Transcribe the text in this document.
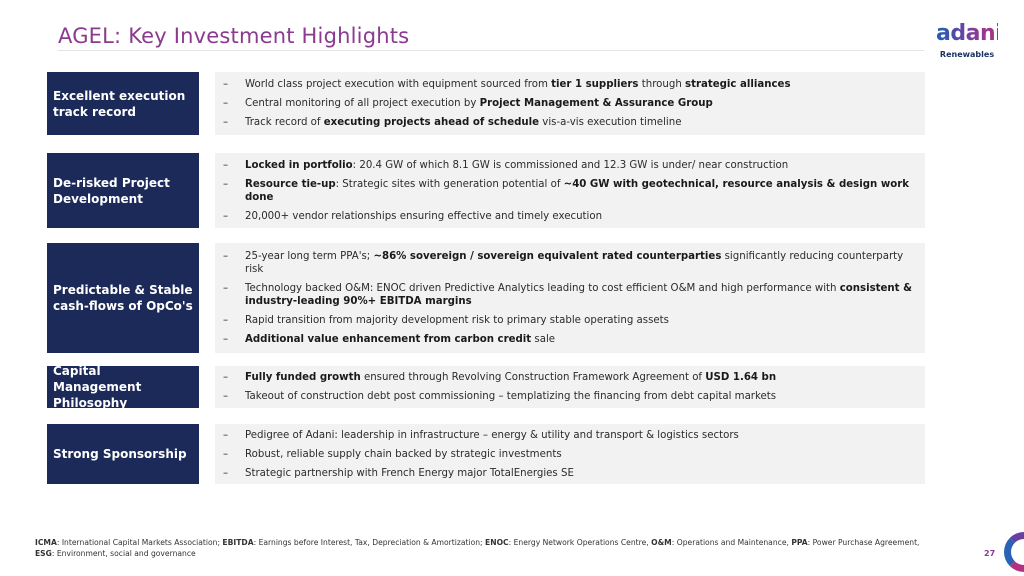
AGEL: Key Investment Highlights	adani
Renewables
Excellent execution track record
–	World class project execution with equipment sourced from tier 1 suppliers through strategic alliances
–	Central monitoring of all project execution by Project Management & Assurance Group
–	Track record of executing projects ahead of schedule vis-a-vis execution timeline
De-risked Project Development
–	Locked in portfolio: 20.4 GW of which 8.1 GW is commissioned and 12.3 GW is under/ near construction
–	Resource tie-up: Strategic sites with generation potential of ~40 GW with geotechnical, resource analysis & design work done
–	20,000+ vendor relationships ensuring effective and timely execution
Predictable & Stable cash-flows of OpCo's
–	25-year long term PPA's; ~86% sovereign / sovereign equivalent rated counterparties significantly reducing counterparty risk
–	Technology backed O&M: ENOC driven Predictive Analytics leading to cost efficient O&M and high performance with consistent & industry-leading 90%+ EBITDA margins
–	Rapid transition from majority development risk to primary stable operating assets
–	Additional value enhancement from carbon credit sale
Capital Management Philosophy
–	Fully funded growth ensured through Revolving Construction Framework Agreement of USD 1.64 bn
–	Takeout of construction debt post commissioning – templatizing the financing from debt capital markets
Strong Sponsorship
–	Pedigree of Adani: leadership in infrastructure – energy & utility and transport & logistics sectors
–	Robust, reliable supply chain backed by strategic investments
–	Strategic partnership with French Energy major TotalEnergies SE
ICMA: International Capital Markets Association; EBITDA: Earnings before Interest, Tax, Depreciation & Amortization; ENOC: Energy Network Operations Centre, O&M: Operations and Maintenance, PPA: Power Purchase Agreement, ESG: Environment, social and governance	27
